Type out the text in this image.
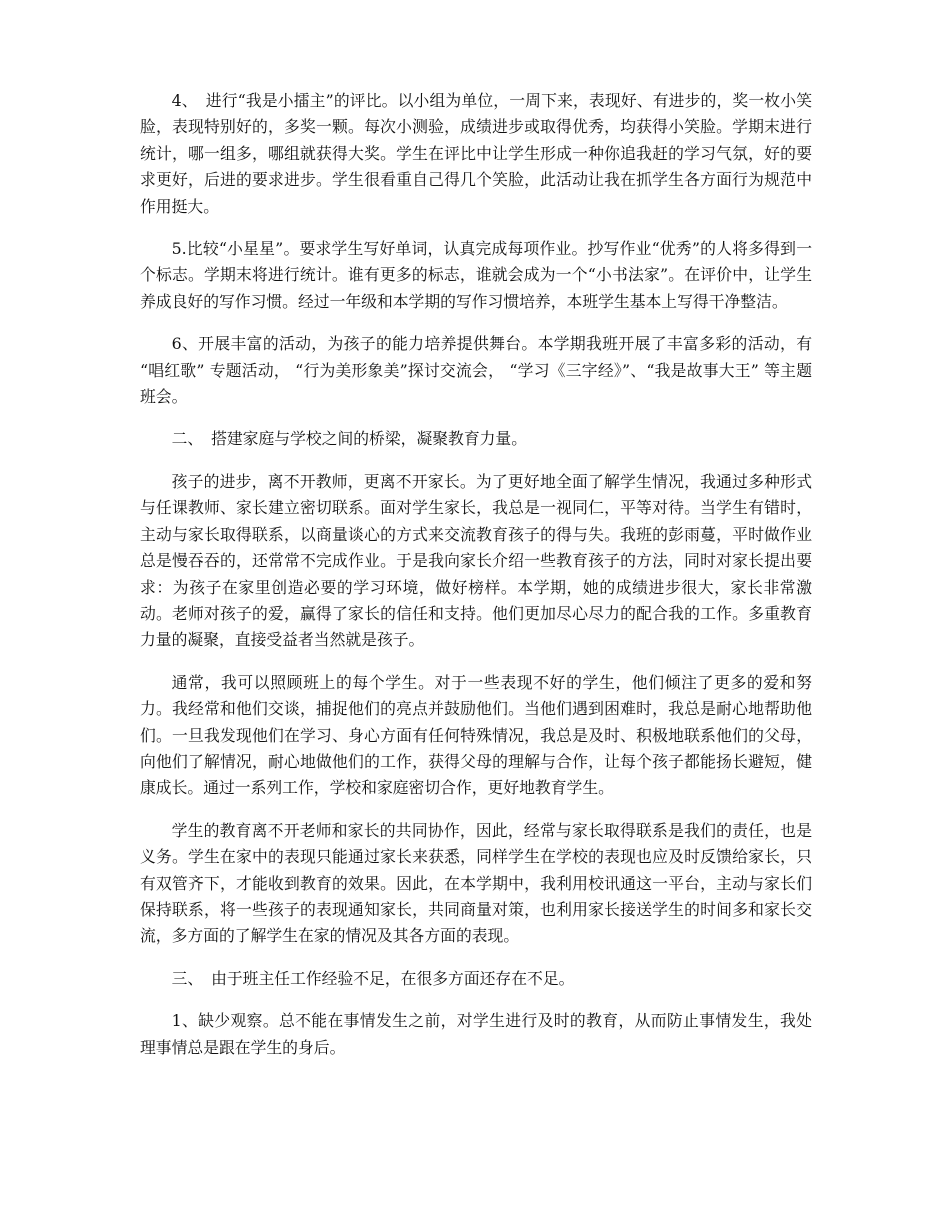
4、　进行“我是小擂主”的评比。以小组为单位，一周下来，表现好、有进步的，奖一枚小笑脸，表现特别好的，多奖一颗。每次小测验，成绩进步或取得优秀，均获得小笑脸。学期末进行统计，哪一组多，哪组就获得大奖。学生在评比中让学生形成一种你追我赶的学习气氛，好的要求更好，后进的要求进步。学生很看重自己得几个笑脸，此活动让我在抓学生各方面行为规范中作用挺大。

5.比较“小星星”。要求学生写好单词，认真完成每项作业。抄写作业“优秀”的人将多得到一个标志。学期末将进行统计。谁有更多的标志，谁就会成为一个“小书法家”。在评价中，让学生养成良好的写作习惯。经过一年级和本学期的写作习惯培养，本班学生基本上写得干净整洁。

6、开展丰富的活动，为孩子的能力培养提供舞台。本学期我班开展了丰富多彩的活动，有 “唱红歌” 专题活动， “行为美形象美”探讨交流会， “学习《三字经》”、“我是故事大王” 等主题班会。

二、　搭建家庭与学校之间的桥梁，凝聚教育力量。

孩子的进步，离不开教师，更离不开家长。为了更好地全面了解学生情况，我通过多种形式与任课教师、家长建立密切联系。面对学生家长，我总是一视同仁，平等对待。当学生有错时，主动与家长取得联系，以商量谈心的方式来交流教育孩子的得与失。我班的彭雨蔓，平时做作业总是慢吞吞的，还常常不完成作业。于是我向家长介绍一些教育孩子的方法，同时对家长提出要求：为孩子在家里创造必要的学习环境，做好榜样。本学期，她的成绩进步很大，家长非常激动。老师对孩子的爱，赢得了家长的信任和支持。他们更加尽心尽力的配合我的工作。多重教育力量的凝聚，直接受益者当然就是孩子。

通常，我可以照顾班上的每个学生。对于一些表现不好的学生，他们倾注了更多的爱和努力。我经常和他们交谈，捕捉他们的亮点并鼓励他们。当他们遇到困难时，我总是耐心地帮助他们。一旦我发现他们在学习、身心方面有任何特殊情况，我总是及时、积极地联系他们的父母，向他们了解情况，耐心地做他们的工作，获得父母的理解与合作，让每个孩子都能扬长避短，健康成长。通过一系列工作，学校和家庭密切合作，更好地教育学生。

学生的教育离不开老师和家长的共同协作，因此，经常与家长取得联系是我们的责任，也是义务。学生在家中的表现只能通过家长来获悉，同样学生在学校的表现也应及时反馈给家长，只有双管齐下，才能收到教育的效果。因此，在本学期中，我利用校讯通这一平台，主动与家长们保持联系，将一些孩子的表现通知家长，共同商量对策，也利用家长接送学生的时间多和家长交流，多方面的了解学生在家的情况及其各方面的表现。

三、　由于班主任工作经验不足，在很多方面还存在不足。

1、缺少观察。总不能在事情发生之前，对学生进行及时的教育，从而防止事情发生，我处理事情总是跟在学生的身后。
